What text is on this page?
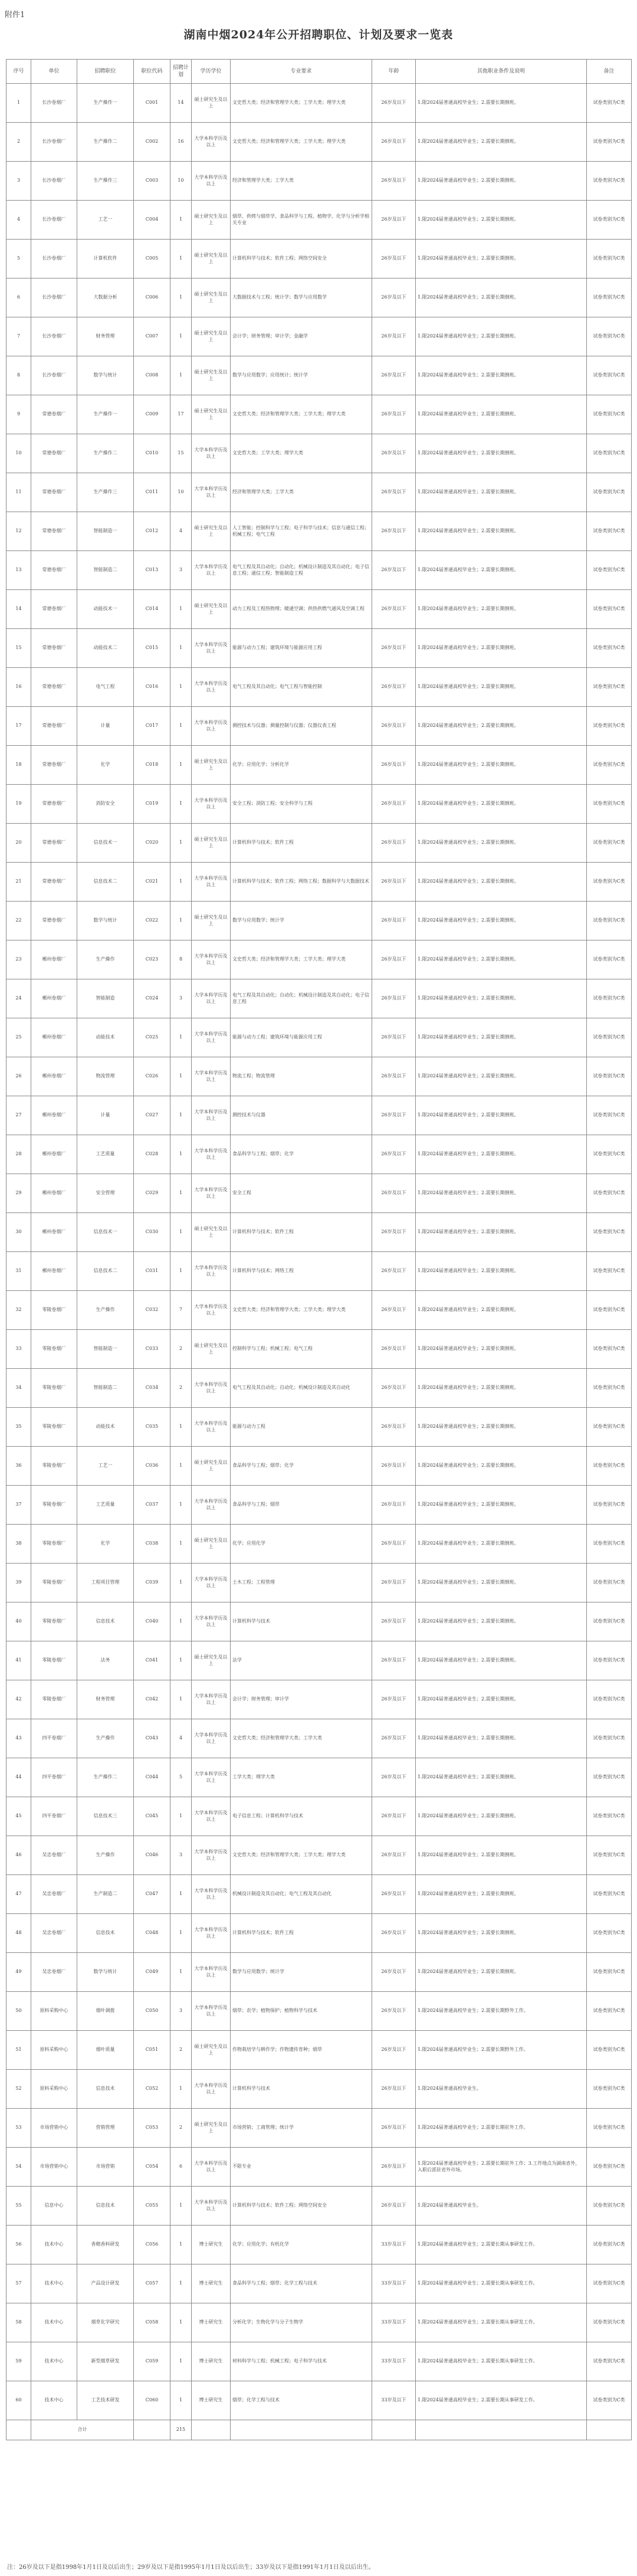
附件1
湖南中烟2024年公开招聘职位、计划及要求一览表
序号	单位	招聘职位	职位代码	招聘计划	学历学位	专业要求	年龄	其他职业条件及说明	备注
1	长沙卷烟厂	生产操作一	C001	14	硕士研究生及以上	文史哲大类；经济和管理学大类；工学大类；理学大类	26岁及以下	1.限2024届普通高校毕业生；2.需要长期倒班。	试卷类别为C类
2	长沙卷烟厂	生产操作二	C002	16	大学本科学历及以上	文史哲大类；经济和管理学大类；工学大类；理学大类	26岁及以下	1.限2024届普通高校毕业生；2.需要长期倒班。	试卷类别为C类
3	长沙卷烟厂	生产操作三	C003	10	大学本科学历及以上	经济和管理学大类；工学大类	26岁及以下	1.限2024届普通高校毕业生；2.需要长期倒班。	试卷类别为C类
4	长沙卷烟厂	工艺一	C004	1	硕士研究生及以上	烟草、供烤与烟草学、食品科学与工程、植物学、化学与分析学相关专业	26岁及以下	1.限2024届普通高校毕业生；2.需要长期倒班。	试卷类别为C类
5	长沙卷烟厂	计算机软件	C005	1	硕士研究生及以上	计算机科学与技术；软件工程；网络空间安全	26岁及以下	1.限2024届普通高校毕业生；2.需要长期倒班。	试卷类别为C类
6	长沙卷烟厂	大数据分析	C006	1	硕士研究生及以上	大数据技术与工程；统计学；数学与应用数学	26岁及以下	1.限2024届普通高校毕业生；2.需要长期倒班。	试卷类别为C类
7	长沙卷烟厂	财务管理	C007	1	硕士研究生及以上	会计学；财务管理；审计学；金融学	26岁及以下	1.限2024届普通高校毕业生；2.需要长期倒班。	试卷类别为C类
8	长沙卷烟厂	数学与统计	C008	1	硕士研究生及以上	数学与应用数学；应用统计；统计学	26岁及以下	1.限2024届普通高校毕业生；2.需要长期倒班。	试卷类别为C类
9	常德卷烟厂	生产操作一	C009	17	硕士研究生及以上	文史哲大类；经济和管理学大类；工学大类；理学大类	26岁及以下	1.限2024届普通高校毕业生；2.需要长期倒班。	试卷类别为C类
10	常德卷烟厂	生产操作二	C010	15	大学本科学历及以上	文史哲大类；工学大类；理学大类	26岁及以下	1.限2024届普通高校毕业生；2.需要长期倒班。	试卷类别为C类
11	常德卷烟厂	生产操作三	C011	10	大学本科学历及以上	经济和管理学大类；工学大类	26岁及以下	1.限2024届普通高校毕业生；2.需要长期倒班。	试卷类别为C类
12	常德卷烟厂	智能制造一	C012	4	硕士研究生及以上	人工智能；控制科学与工程；电子科学与技术；信息与通信工程；机械工程；电气工程	26岁及以下	1.限2024届普通高校毕业生；2.需要长期倒班。	试卷类别为C类
13	常德卷烟厂	智能制造二	C013	3	大学本科学历及以上	电气工程及其自动化；自动化；机械设计制造及其自动化；电子信息工程；通信工程；智能制造工程	26岁及以下	1.限2024届普通高校毕业生；2.需要长期倒班。	试卷类别为C类
14	常德卷烟厂	动能技术一	C014	1	硕士研究生及以上	动力工程及工程热物理；暖通空调；供热供燃气通风及空调工程	26岁及以下	1.限2024届普通高校毕业生；2.需要长期倒班。	试卷类别为C类
15	常德卷烟厂	动能技术二	C015	1	大学本科学历及以上	能源与动力工程；建筑环境与能源应用工程	26岁及以下	1.限2024届普通高校毕业生；2.需要长期倒班。	试卷类别为C类
16	常德卷烟厂	电气工程	C016	1	大学本科学历及以上	电气工程及其自动化；电气工程与智能控制	26岁及以下	1.限2024届普通高校毕业生；2.需要长期倒班。	试卷类别为C类
17	常德卷烟厂	计量	C017	1	大学本科学历及以上	测控技术与仪器；测量控制与仪器；仪器仪表工程	26岁及以下	1.限2024届普通高校毕业生；2.需要长期倒班。	试卷类别为C类
18	常德卷烟厂	化学	C018	1	硕士研究生及以上	化学；应用化学；分析化学	26岁及以下	1.限2024届普通高校毕业生；2.需要长期倒班。	试卷类别为C类
19	常德卷烟厂	消防安全	C019	1	大学本科学历及以上	安全工程；消防工程；安全科学与工程	26岁及以下	1.限2024届普通高校毕业生；2.需要长期倒班。	试卷类别为C类
20	常德卷烟厂	信息技术一	C020	1	硕士研究生及以上	计算机科学与技术；软件工程	26岁及以下	1.限2024届普通高校毕业生；2.需要长期倒班。	试卷类别为C类
21	常德卷烟厂	信息技术二	C021	1	大学本科学历及以上	计算机科学与技术；软件工程；网络工程；数据科学与大数据技术	26岁及以下	1.限2024届普通高校毕业生；2.需要长期倒班。	试卷类别为C类
22	常德卷烟厂	数学与统计	C022	1	硕士研究生及以上	数学与应用数学；统计学	26岁及以下	1.限2024届普通高校毕业生；2.需要长期倒班。	试卷类别为C类
23	郴州卷烟厂	生产操作	C023	8	大学本科学历及以上	文史哲大类；经济和管理学大类；工学大类；理学大类	26岁及以下	1.限2024届普通高校毕业生；2.需要长期倒班。	试卷类别为C类
24	郴州卷烟厂	智能制造	C024	3	大学本科学历及以上	电气工程及其自动化；自动化；机械设计制造及其自动化；电子信息工程	26岁及以下	1.限2024届普通高校毕业生；2.需要长期倒班。	试卷类别为C类
25	郴州卷烟厂	动能技术	C025	1	大学本科学历及以上	能源与动力工程；建筑环境与能源应用工程	26岁及以下	1.限2024届普通高校毕业生；2.需要长期倒班。	试卷类别为C类
26	郴州卷烟厂	物流管理	C026	1	大学本科学历及以上	物流工程；物流管理	26岁及以下	1.限2024届普通高校毕业生；2.需要长期倒班。	试卷类别为C类
27	郴州卷烟厂	计量	C027	1	大学本科学历及以上	测控技术与仪器	26岁及以下	1.限2024届普通高校毕业生；2.需要长期倒班。	试卷类别为C类
28	郴州卷烟厂	工艺质量	C028	1	大学本科学历及以上	食品科学与工程；烟草；化学	26岁及以下	1.限2024届普通高校毕业生；2.需要长期倒班。	试卷类别为C类
29	郴州卷烟厂	安全管理	C029	1	大学本科学历及以上	安全工程	26岁及以下	1.限2024届普通高校毕业生；2.需要长期倒班。	试卷类别为C类
30	郴州卷烟厂	信息技术一	C030	1	硕士研究生及以上	计算机科学与技术；软件工程	26岁及以下	1.限2024届普通高校毕业生；2.需要长期倒班。	试卷类别为C类
31	郴州卷烟厂	信息技术二	C031	1	大学本科学历及以上	计算机科学与技术；网络工程	26岁及以下	1.限2024届普通高校毕业生；2.需要长期倒班。	试卷类别为C类
32	零陵卷烟厂	生产操作	C032	7	大学本科学历及以上	文史哲大类；经济和管理学大类；工学大类；理学大类	26岁及以下	1.限2024届普通高校毕业生；2.需要长期倒班。	试卷类别为C类
33	零陵卷烟厂	智能制造一	C033	2	硕士研究生及以上	控制科学与工程；机械工程；电气工程	26岁及以下	1.限2024届普通高校毕业生；2.需要长期倒班。	试卷类别为C类
34	零陵卷烟厂	智能制造二	C034	2	大学本科学历及以上	电气工程及其自动化；自动化；机械设计制造及其自动化	26岁及以下	1.限2024届普通高校毕业生；2.需要长期倒班。	试卷类别为C类
35	零陵卷烟厂	动能技术	C035	1	大学本科学历及以上	能源与动力工程	26岁及以下	1.限2024届普通高校毕业生；2.需要长期倒班。	试卷类别为C类
36	零陵卷烟厂	工艺一	C036	1	硕士研究生及以上	食品科学与工程；烟草；化学	26岁及以下	1.限2024届普通高校毕业生；2.需要长期倒班。	试卷类别为C类
37	零陵卷烟厂	工艺质量	C037	1	大学本科学历及以上	食品科学与工程；烟草	26岁及以下	1.限2024届普通高校毕业生；2.需要长期倒班。	试卷类别为C类
38	零陵卷烟厂	化学	C038	1	硕士研究生及以上	化学；应用化学	26岁及以下	1.限2024届普通高校毕业生；2.需要长期倒班。	试卷类别为C类
39	零陵卷烟厂	工程项目管理	C039	1	大学本科学历及以上	土木工程；工程管理	26岁及以下	1.限2024届普通高校毕业生；2.需要长期倒班。	试卷类别为C类
40	零陵卷烟厂	信息技术	C040	1	大学本科学历及以上	计算机科学与技术	26岁及以下	1.限2024届普通高校毕业生；2.需要长期倒班。	试卷类别为C类
41	零陵卷烟厂	法务	C041	1	硕士研究生及以上	法学	26岁及以下	1.限2024届普通高校毕业生；2.需要长期倒班。	试卷类别为C类
42	零陵卷烟厂	财务管理	C042	1	大学本科学历及以上	会计学；财务管理；审计学	26岁及以下	1.限2024届普通高校毕业生；2.需要长期倒班。	试卷类别为C类
43	四平卷烟厂	生产操作	C043	4	大学本科学历及以上	文史哲大类；经济和管理学大类；工学大类	26岁及以下	1.限2024届普通高校毕业生；2.需要长期倒班。	试卷类别为C类
44	四平卷烟厂	生产操作二	C044	5	大学本科学历及以上	工学大类；理学大类	26岁及以下	1.限2024届普通高校毕业生；2.需要长期倒班。	试卷类别为C类
45	四平卷烟厂	信息技术三	C045	1	大学本科学历及以上	电子信息工程；计算机科学与技术	26岁及以下	1.限2024届普通高校毕业生；2.需要长期倒班。	试卷类别为C类
46	吴忠卷烟厂	生产操作	C046	3	大学本科学历及以上	文史哲大类；经济和管理学大类；工学大类；理学大类	26岁及以下	1.限2024届普通高校毕业生；2.需要长期倒班。	试卷类别为C类
47	吴忠卷烟厂	生产制造二	C047	1	大学本科学历及以上	机械设计制造及其自动化；电气工程及其自动化	26岁及以下	1.限2024届普通高校毕业生；2.需要长期倒班。	试卷类别为C类
48	吴忠卷烟厂	信息技术	C048	1	大学本科学历及以上	计算机科学与技术；软件工程	26岁及以下	1.限2024届普通高校毕业生；2.需要长期倒班。	试卷类别为C类
49	吴忠卷烟厂	数学与统计	C049	1	大学本科学历及以上	数学与应用数学；统计学	26岁及以下	1.限2024届普通高校毕业生；2.需要长期倒班。	试卷类别为C类
50	原料采购中心	烟叶调拨	C050	3	大学本科学历及以上	烟草；农学；植物保护；植物科学与技术	26岁及以下	1.限2024届普通高校毕业生；2.需要长期野外工作。	试卷类别为C类
51	原料采购中心	烟叶质量	C051	2	硕士研究生及以上	作物栽培学与耕作学；作物遗传育种；烟草	26岁及以下	1.限2024届普通高校毕业生；2.需要长期野外工作。	试卷类别为C类
52	原料采购中心	信息技术	C052	1	大学本科学历及以上	计算机科学与技术	26岁及以下	1.限2024届普通高校毕业生。	试卷类别为C类
53	市场营销中心	营销管理	C053	2	硕士研究生及以上	市场营销；工商管理；统计学	26岁及以下	1.限2024届普通高校毕业生；2.需要长期驻外工作。	试卷类别为C类
54	市场营销中心	市场营销	C054	6	大学本科学历及以上	不限专业	26岁及以下	1.限2024届普通高校毕业生；2.需要长期驻外工作；3.工作地点为湖南省外，入职后派驻省外市场。	试卷类别为C类
55	信息中心	信息技术	C055	1	大学本科学历及以上	计算机科学与技术；软件工程；网络空间安全	26岁及以下	1.限2024届普通高校毕业生。	试卷类别为C类
56	技术中心	香精香料研发	C056	1	博士研究生	化学；应用化学；有机化学	33岁及以下	1.限2024届普通高校毕业生；2.需要长期从事研发工作。	试卷类别为C类
57	技术中心	产品设计研发	C057	1	博士研究生	食品科学与工程；烟草；化学工程与技术	33岁及以下	1.限2024届普通高校毕业生；2.需要长期从事研发工作。	试卷类别为C类
58	技术中心	烟草化学研究	C058	1	博士研究生	分析化学；生物化学与分子生物学	33岁及以下	1.限2024届普通高校毕业生；2.需要长期从事研发工作。	试卷类别为C类
59	技术中心	新型烟草研发	C059	1	博士研究生	材料科学与工程；机械工程；电子科学与技术	33岁及以下	1.限2024届普通高校毕业生；2.需要长期从事研发工作。	试卷类别为C类
60	技术中心	工艺技术研发	C060	1	博士研究生	烟草；化学工程与技术	33岁及以下	1.限2024届普通高校毕业生；2.需要长期从事研发工作。	试卷类别为C类
	合计			215					
注：26岁及以下是指1998年1月1日及以后出生；29岁及以下是指1995年1月1日及以后出生；33岁及以下是指1991年1月1日及以后出生。
